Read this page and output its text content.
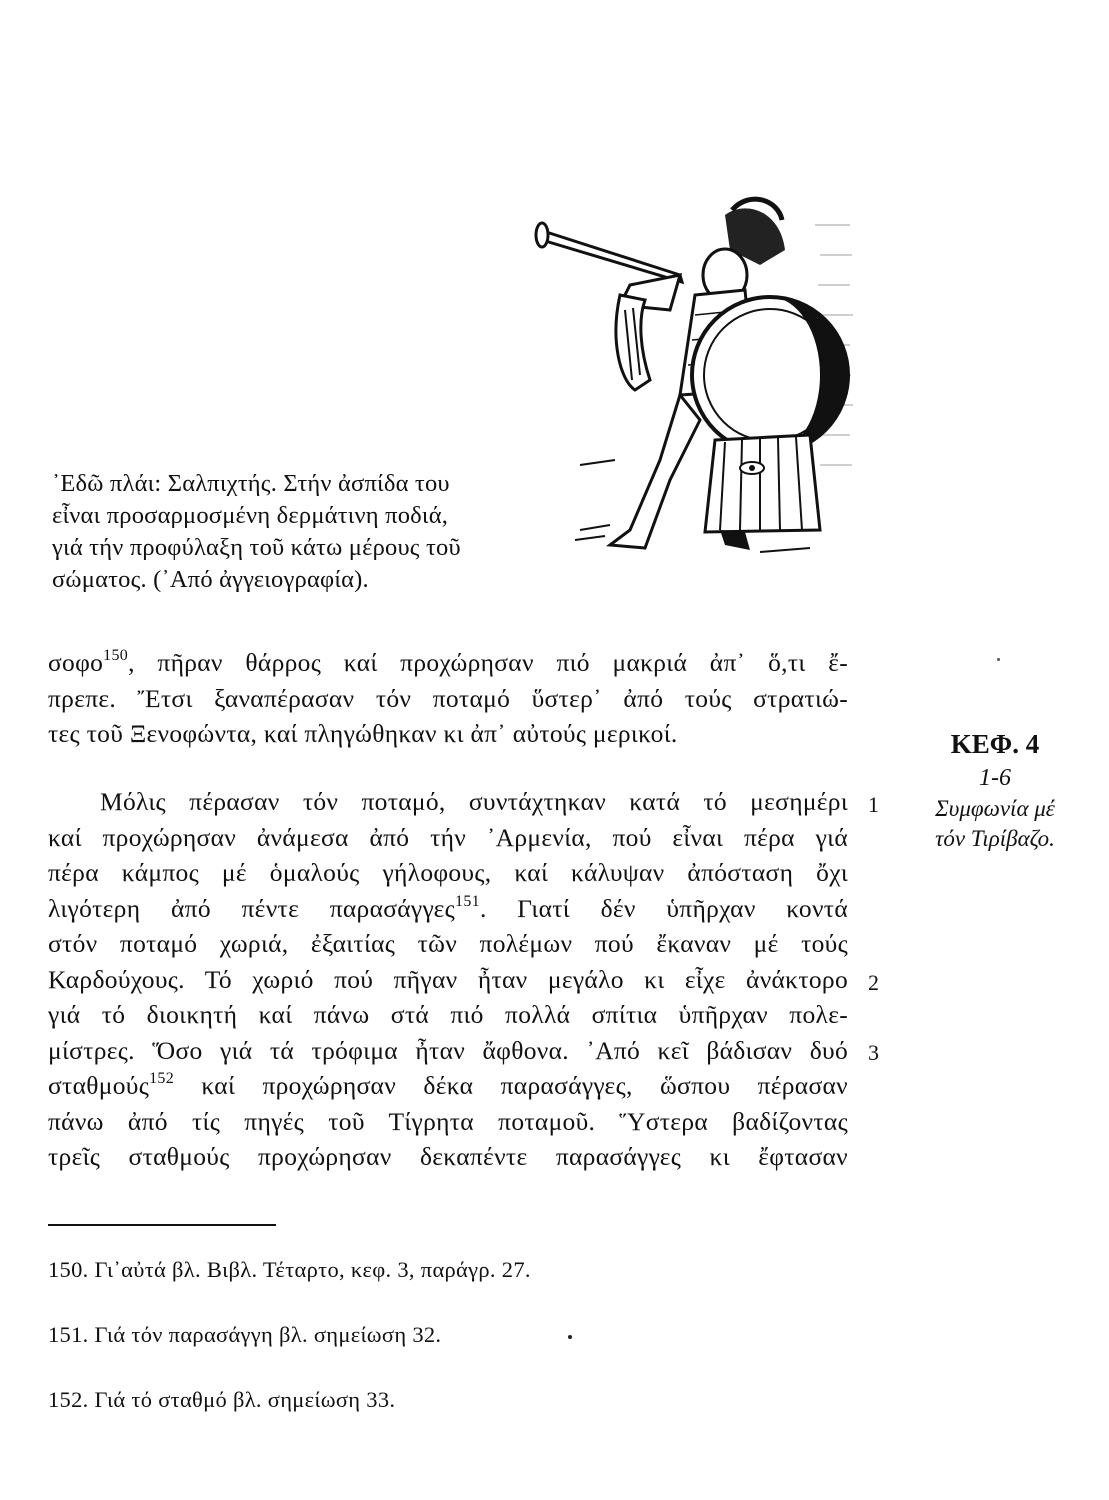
᾽Εδῶ πλάι: Σαλπιχτής. Στήν ἀσπίδα του
εἶναι προσαρμοσμένη δερμάτινη ποδιά,
γιά τήν προφύλαξη τοῦ κάτω μέρους τοῦ
σώματος. (᾽Από ἀγγειογραφία).
σοφο$^{150}$, πῆραν θάρρος καί προχώρησαν πιό μακριά ἀπ᾽ ὅ,τι ἔ-
πρεπε. Ἔτσι ξαναπέρασαν τόν ποταμό ὕστερ᾽ ἀπό τούς στρατιώ-
τες τοῦ Ξενοφώντα, καί πληγώθηκαν κι ἀπ᾽ αὐτούς μερικοί.
Μόλις πέρασαν τόν ποταμό, συντάχτηκαν κατά τό μεσημέρι
καί προχώρησαν ἀνάμεσα ἀπό τήν ᾽Αρμενία, πού εἶναι πέρα γιά
πέρα κάμπος μέ ὁμαλούς γήλοφους, καί κάλυψαν ἀπόσταση ὄχι
λιγότερη ἀπό πέντε παρασάγγες$^{151}$. Γιατί δέν ὑπῆρχαν κοντά
στόν ποταμό χωριά, ἐξαιτίας τῶν πολέμων πού ἔκαναν μέ τούς
Καρδούχους. Τό χωριό πού πῆγαν ἦταν μεγάλο κι εἶχε ἀνάκτορο
γιά τό διοικητή καί πάνω στά πιό πολλά σπίτια ὑπῆρχαν πολε-
μίστρες. Ὅσο γιά τά τρόφιμα ἦταν ἄφθονα. ᾽Από κεῖ βάδισαν δυό
σταθμούς$^{152}$ καί προχώρησαν δέκα παρασάγγες, ὥσπου πέρασαν
πάνω ἀπό τίς πηγές τοῦ Τίγρητα ποταμοῦ. Ὕστερα βαδίζοντας
τρεῖς σταθμούς προχώρησαν δεκαπέντε παρασάγγες κι ἔφτασαν
ΚΕΦ. 4
1-6
Συμφωνία μέ
τόν Τιρίβαζο.
1
2
3
150. Γι᾽αὐτά βλ. Βιβλ. Τέταρτο, κεφ. 3, παράγρ. 27.
151. Γιά τόν παρασάγγη βλ. σημείωση 32.
152. Γιά τό σταθμό βλ. σημείωση 33.
